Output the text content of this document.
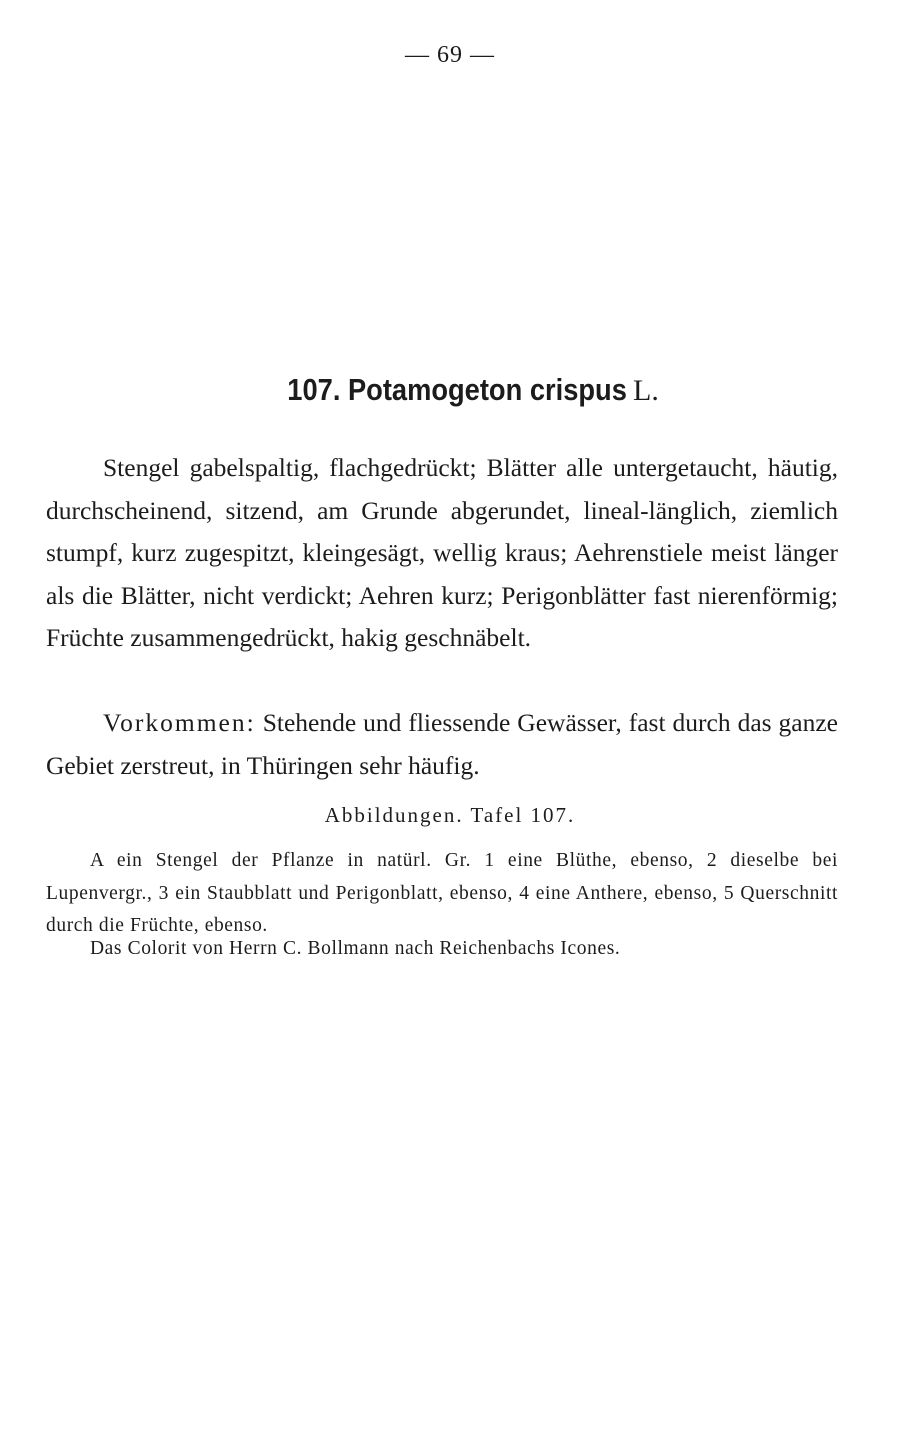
— 69 —
107. Potamogeton crispus L.

Stengel gabelspaltig, flachgedrückt; Blätter alle untergetaucht, häutig, durchscheinend, sitzend, am Grunde abgerundet, lineal-länglich, ziemlich stumpf, kurz zugespitzt, kleingesägt, wellig kraus; Aehrenstiele meist länger als die Blätter, nicht verdickt; Aehren kurz; Perigonblätter fast nierenförmig; Früchte zusammengedrückt, hakig geschnäbelt.

Vorkommen: Stehende und fliessende Gewässer, fast durch das ganze Gebiet zerstreut, in Thüringen sehr häufig.

Abbildungen. Tafel 107.

A ein Stengel der Pflanze in natürl. Gr. 1 eine Blüthe, ebenso, 2 dieselbe bei Lupenvergr., 3 ein Staubblatt und Perigonblatt, ebenso, 4 eine Anthere, ebenso, 5 Querschnitt durch die Früchte, ebenso.

Das Colorit von Herrn C. Bollmann nach Reichenbachs Icones.
